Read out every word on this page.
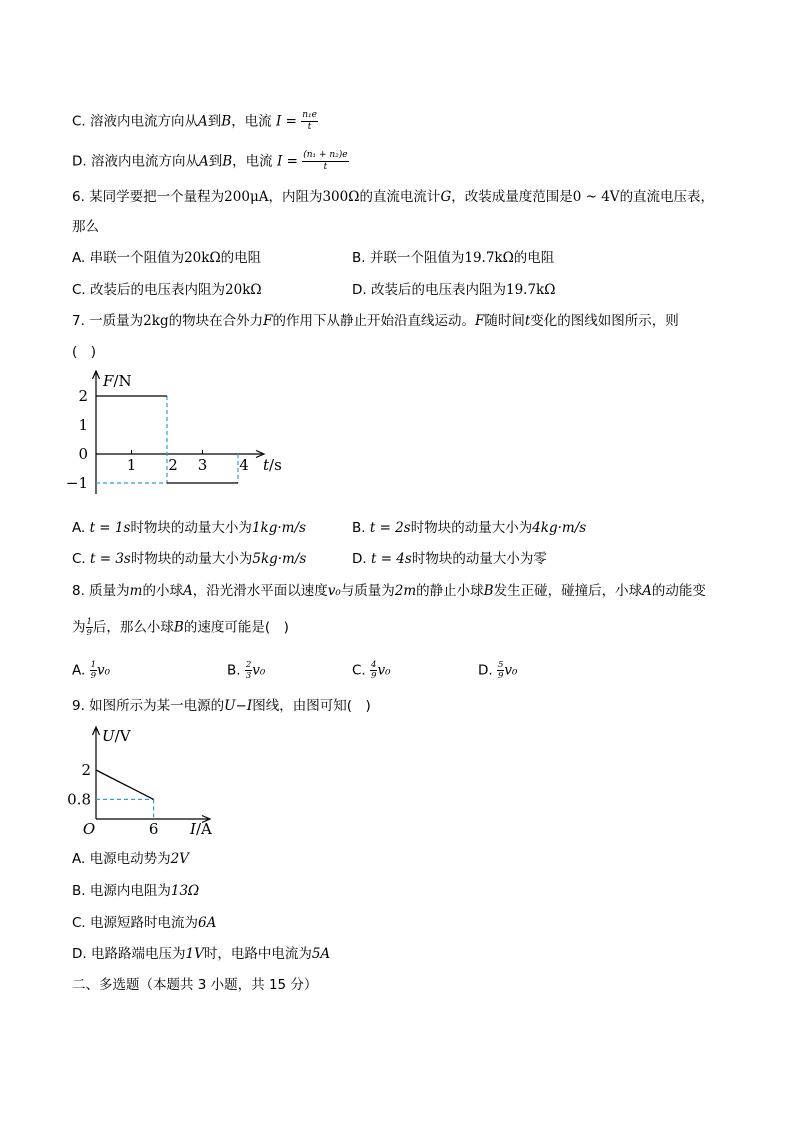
C. 溶液内电流方向从A到B，电流 $I = \frac{\text{n₁e}}{t}$
D. 溶液内电流方向从A到B，电流 $I = \frac{\text{(n₁ + n₂)e}}{t}$
6. 某同学要把一个量程为200μA，内阻为300Ω的直流电流计G，改装成量度范围是0 ~ 4V的直流电压表，
那么
A. 串联一个阻值为20kΩ的电阻	B. 并联一个阻值为19.7kΩ的电阻
C. 改装后的电压表内阻为20kΩ	D. 改装后的电压表内阻为19.7kΩ
7. 一质量为2kg的物块在合外力F的作用下从静止开始沿直线运动。F随时间t变化的图线如图所示，则
(　)
F/N
t/s
2
1
0
−1
1 2 3 4
A. t = 1s时物块的动量大小为1kg·m/s	B. t = 2s时物块的动量大小为4kg·m/s
C. t = 3s时物块的动量大小为5kg·m/s	D. t = 4s时物块的动量大小为零
8. 质量为m的小球A，沿光滑水平面以速度v₀与质量为2m的静止小球B发生正碰，碰撞后，小球A的动能变
为 $\frac{1}{9}$ 后，那么小球B的速度可能是(　)
A. $\frac{1}{9} v_0$	B. $\frac{2}{3} v_0$	C. $\frac{4}{9} v_0$	D. $\frac{5}{9} v_0$
9. 如图所示为某一电源的U−I图线，由图可知(　)
U/V
I/A
O
2
0.8
6
A. 电源电动势为2V
B. 电源内电阻为13Ω
C. 电源短路时电流为6A
D. 电路路端电压为1V时，电路中电流为5A
二、多选题（本题共 3 小题，共 15 分）
